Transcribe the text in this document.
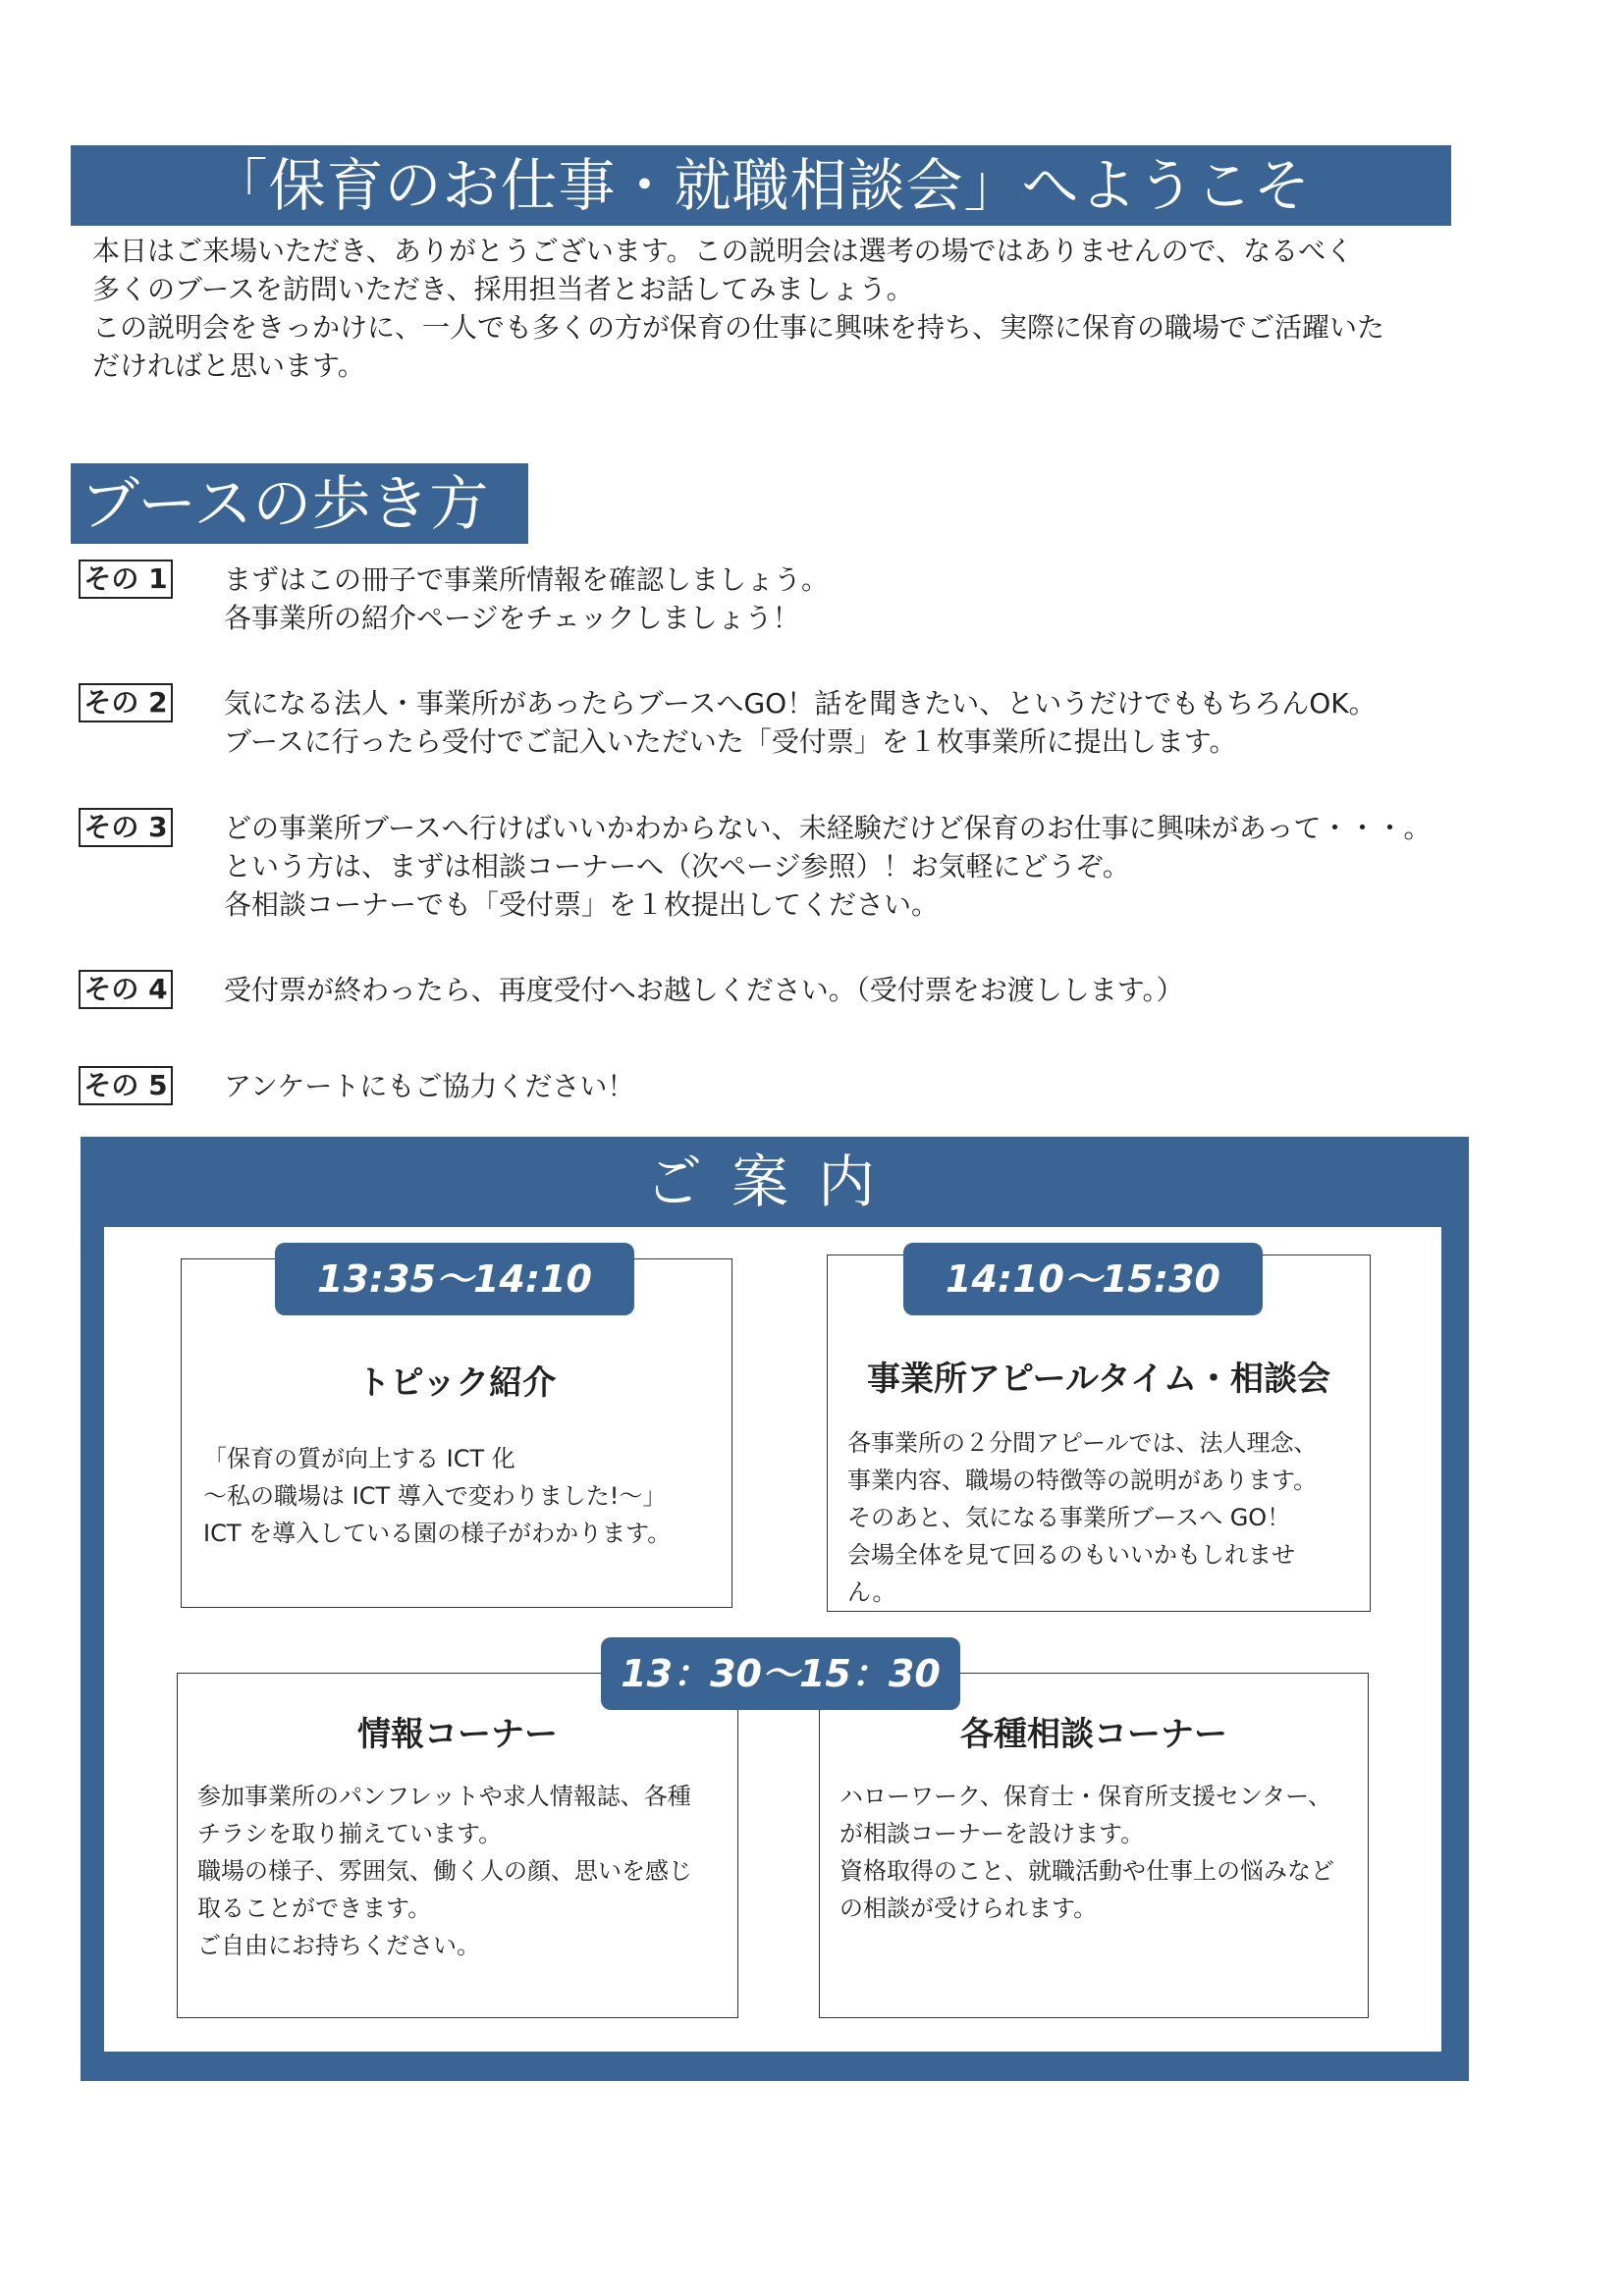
「保育のお仕事・就職相談会」へようこそ

本日はご来場いただき、ありがとうございます。この説明会は選考の場ではありませんので、なるべく

多くのブースを訪問いただき、採用担当者とお話してみましょう。

この説明会をきっかけに、一人でも多くの方が保育の仕事に興味を持ち、実際に保育の職場でご活躍いた

だければと思います。

ブースの歩き方
その 1 まずはこの冊子で事業所情報を確認しましょう。

各事業所の紹介ページをチェックしましょう！

その 2 気になる法人・事業所があったらブースへGO！話を聞きたい、というだけでももちろんOK。

ブースに行ったら受付でご記入いただいた「受付票」を１枚事業所に提出します。

その 3 どの事業所ブースへ行けばいいかわからない、未経験だけど保育のお仕事に興味があって・・・。

という方は、まずは相談コーナーへ（次ページ参照）！お気軽にどうぞ。

各相談コーナーでも「受付票」を１枚提出してください。

その 4 受付票が終わったら、再度受付へお越しください。（受付票をお渡しします。）

その 5 アンケートにもご協力ください！

ご案内
トピック紹介

「保育の質が向上する ICT 化

～私の職場は ICT 導入で変わりました!～」

ICT を導入している園の様子がわかります。

13:35～14:10
事業所アピールタイム・相談会

各事業所の２分間アピールでは、法人理念、

事業内容、職場の特徴等の説明があります。

そのあと、気になる事業所ブースへ GO！

会場全体を見て回るのもいいかもしれませ

ん。

14:10～15:30
情報コーナー

参加事業所のパンフレットや求人情報誌、各種

チラシを取り揃えています。

職場の様子、雰囲気、働く人の顔、思いを感じ

取ることができます。

ご自由にお持ちください。

各種相談コーナー

ハローワーク、保育士・保育所支援センター、

が相談コーナーを設けます。

資格取得のこと、就職活動や仕事上の悩みなど

の相談が受けられます。

13：30～15：30
